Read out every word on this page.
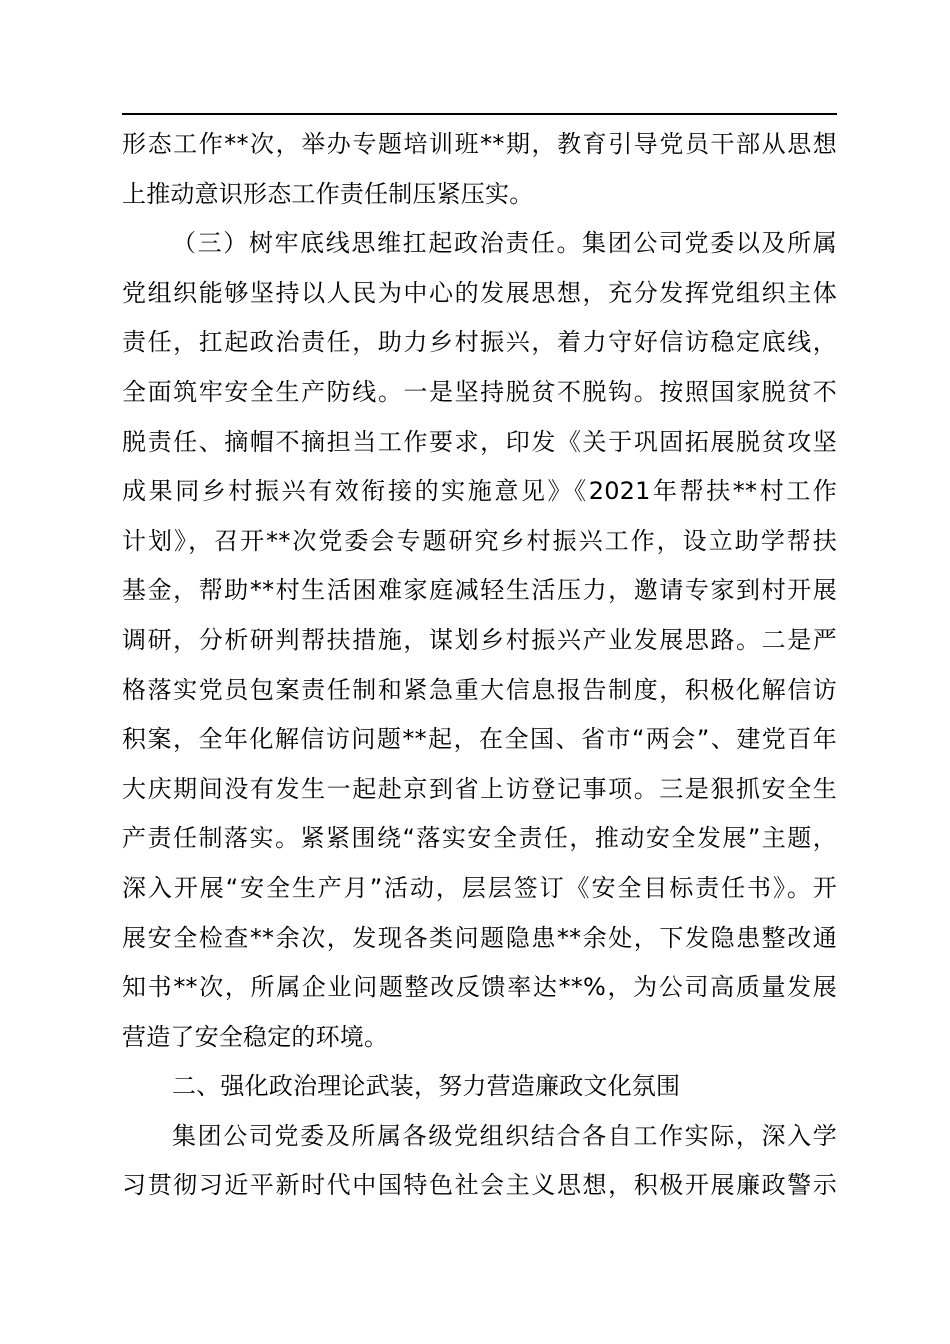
形态工作**次，举办专题培训班**期，教育引导党员干部从思想
上推动意识形态工作责任制压紧压实。
（三）树牢底线思维扛起政治责任。集团公司党委以及所属
党组织能够坚持以人民为中心的发展思想，充分发挥党组织主体
责任，扛起政治责任，助力乡村振兴，着力守好信访稳定底线，
全面筑牢安全生产防线。一是坚持脱贫不脱钩。按照国家脱贫不
脱责任、摘帽不摘担当工作要求，印发《关于巩固拓展脱贫攻坚
成果同乡村振兴有效衔接的实施意见》《2021年帮扶**村工作
计划》，召开**次党委会专题研究乡村振兴工作，设立助学帮扶
基金，帮助**村生活困难家庭减轻生活压力，邀请专家到村开展
调研，分析研判帮扶措施，谋划乡村振兴产业发展思路。二是严
格落实党员包案责任制和紧急重大信息报告制度，积极化解信访
积案，全年化解信访问题**起，在全国、省市“两会”、建党百年
大庆期间没有发生一起赴京到省上访登记事项。三是狠抓安全生
产责任制落实。紧紧围绕“落实安全责任，推动安全发展”主题，
深入开展“安全生产月”活动，层层签订《安全目标责任书》。开
展安全检查**余次，发现各类问题隐患**余处，下发隐患整改通
知书**次，所属企业问题整改反馈率达**%，为公司高质量发展
营造了安全稳定的环境。
二、强化政治理论武装，努力营造廉政文化氛围
集团公司党委及所属各级党组织结合各自工作实际，深入学
习贯彻习近平新时代中国特色社会主义思想，积极开展廉政警示
